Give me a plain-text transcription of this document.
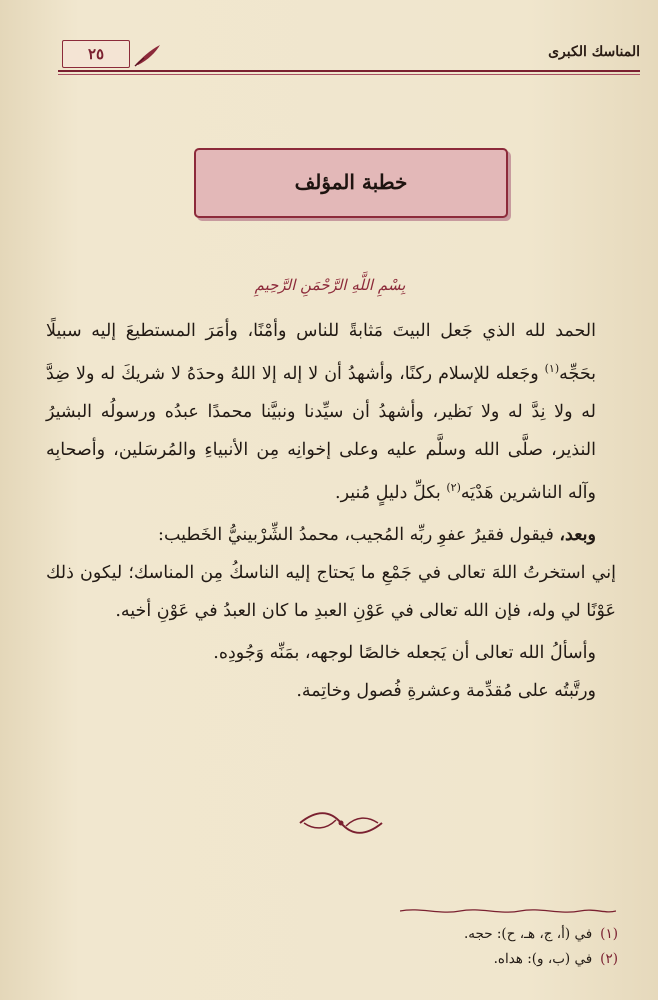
٢٥	المناسك الكبرى
خطبة المؤلف
بِسْمِ اللَّهِ الرَّحْمَنِ الرَّحِيمِ

الحمد لله الذي جَعل البيتَ مَثابةً للناس وأمْنًا، وأمَرَ المستطيعَ إليه سبيلًا بحَجِّه$^{(١)}$ وجَعله للإسلام ركنًا، وأشهدُ أن لا إله إلا اللهُ وحدَهُ لا شريكَ له ولا ضِدَّ له ولا نِدَّ له ولا نَظير، وأشهدُ أن سيِّدنا ونبيَّنا محمدًا عبدُه ورسولُه البشيرُ النذير، صلَّى الله وسلَّم عليه وعلى إخوانِه مِن الأنبياءِ والمُرسَلين، وأصحابِه وآله الناشرين هَدْيَه$^{(٢)}$ بكلِّ دليلٍ مُنير.

وبعد، فيقول فقيرُ عفوِ ربِّه المُجيب، محمدُ الشِّرْبينيُّ الخَطيب:

إني استخرتُ اللهَ تعالى في جَمْعِ ما يَحتاج إليه الناسكُ مِن المناسك؛ ليكون ذلك عَوْنًا لي وله، فإن الله تعالى في عَوْنِ العبدِ ما كان العبدُ في عَوْنِ أخيه.

وأسألُ الله تعالى أن يَجعله خالصًا لوجهه، بمَنِّه وَجُودِه.

ورتَّبتُه على مُقدِّمة وعشرةِ فُصول وخاتِمة.

(١)في (أ، ج، هـ، ح): حجه.
(٢)في (ب، و): هداه.
